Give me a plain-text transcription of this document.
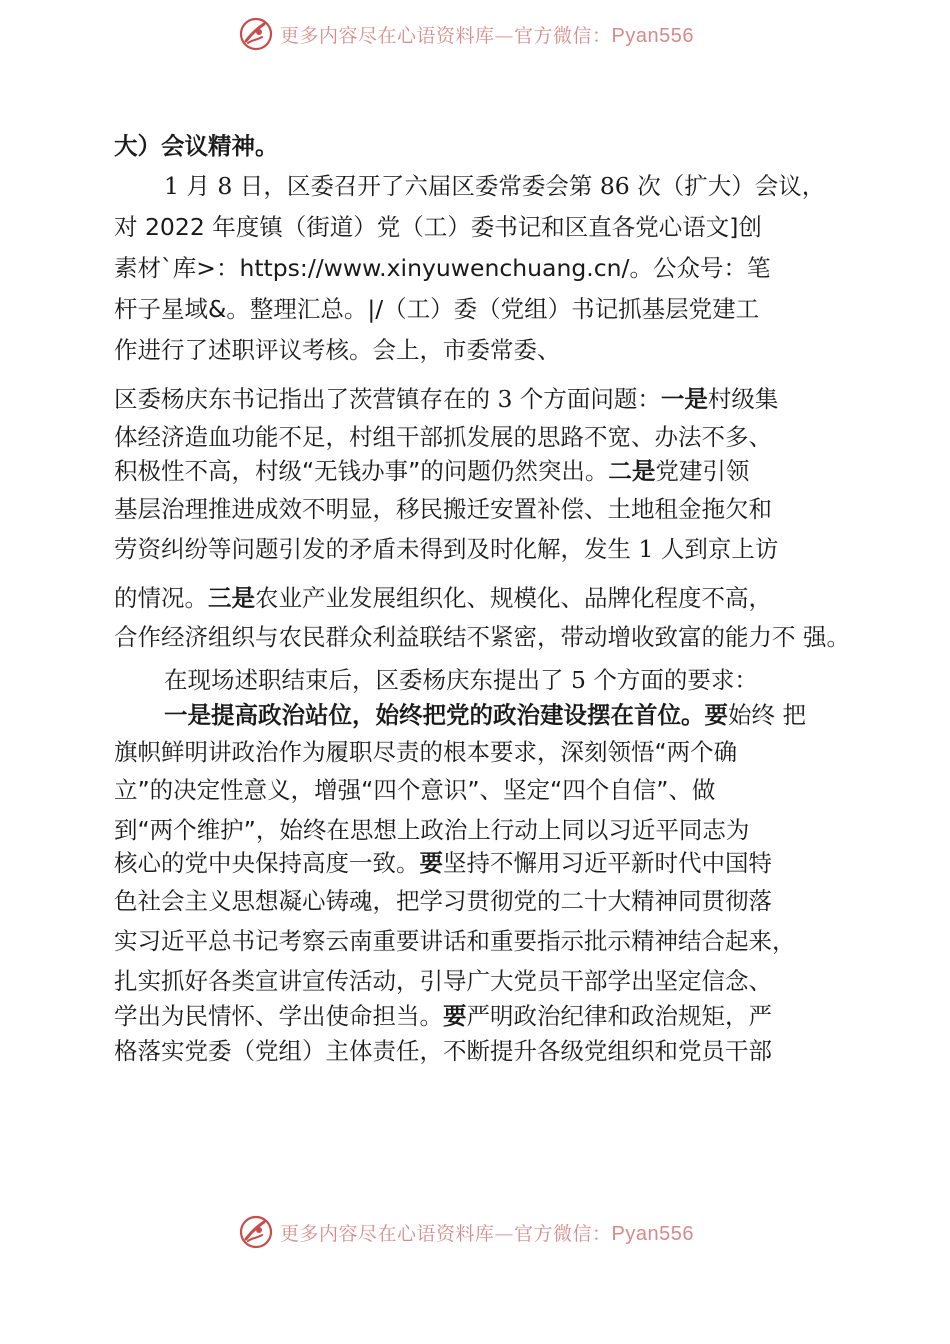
更多内容尽在心语资料库—官方微信：Pyan556
大）会议精神。
1 月 8 日，区委召开了六届区委常委会第 86 次（扩大）会议，
对 2022 年度镇（街道）党（工）委书记和区直各党心语文]创
素材`库>：https://www.xinyuwenchuang.cn/。公众号：笔
杆子星域&。整理汇总。|/（工）委（党组）书记抓基层党建工
作进行了述职评议考核。会上，市委常委、
区委杨庆东书记指出了茨营镇存在的 3 个方面问题：一是村级集
体经济造血功能不足，村组干部抓发展的思路不宽、办法不多、
积极性不高，村级“无钱办事”的问题仍然突出。二是党建引领
基层治理推进成效不明显，移民搬迁安置补偿、土地租金拖欠和
劳资纠纷等问题引发的矛盾未得到及时化解，发生 1 人到京上访
的情况。三是农业产业发展组织化、规模化、品牌化程度不高，
合作经济组织与农民群众利益联结不紧密，带动增收致富的能力不 强。
在现场述职结束后，区委杨庆东提出了 5 个方面的要求：
一是提高政治站位，始终把党的政治建设摆在首位。要始终 把
旗帜鲜明讲政治作为履职尽责的根本要求，深刻领悟“两个确
立”的决定性意义，增强“四个意识”、坚定“四个自信”、做
到“两个维护”，始终在思想上政治上行动上同以习近平同志为
核心的党中央保持高度一致。要坚持不懈用习近平新时代中国特
色社会主义思想凝心铸魂，把学习贯彻党的二十大精神同贯彻落
实习近平总书记考察云南重要讲话和重要指示批示精神结合起来，
扎实抓好各类宣讲宣传活动，引导广大党员干部学出坚定信念、
学出为民情怀、学出使命担当。要严明政治纪律和政治规矩，严
格落实党委（党组）主体责任，不断提升各级党组织和党员干部
更多内容尽在心语资料库—官方微信：Pyan556
